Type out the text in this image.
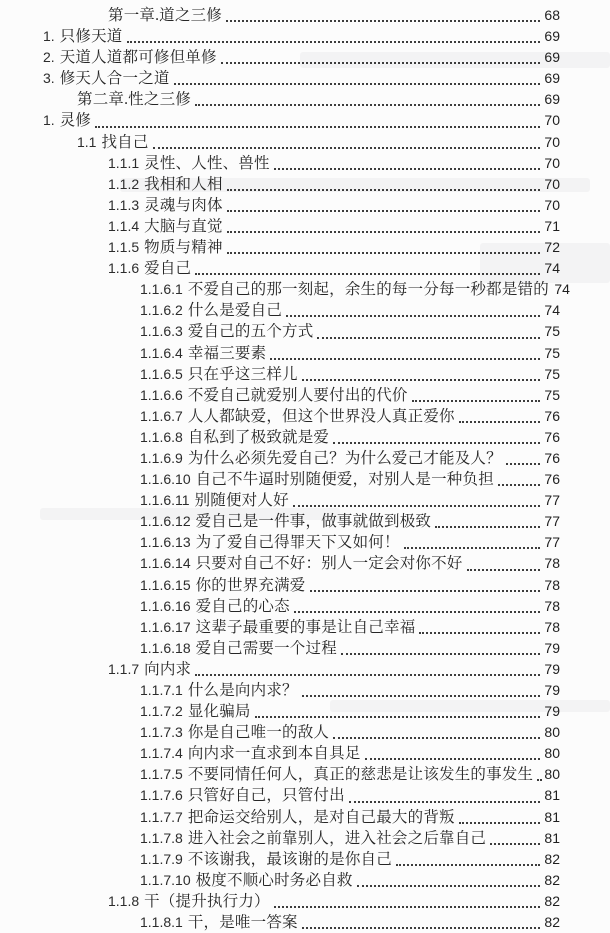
第一章.道之三修	68
1. 只修天道	69
2. 天道人道都可修但单修	69
3. 修天人合一之道	69
第二章.性之三修	69
1. 灵修	70
1.1 找自己	70
1.1.1 灵性、人性、兽性	70
1.1.2 我相和人相	70
1.1.3 灵魂与肉体	70
1.1.4 大脑与直觉	71
1.1.5 物质与精神	72
1.1.6 爱自己	74
1.1.6.1 不爱自己的那一刻起，余生的每一分每一秒都是错的 74
1.1.6.2 什么是爱自己	74
1.1.6.3 爱自己的五个方式	75
1.1.6.4 幸福三要素	75
1.1.6.5 只在乎这三样儿	75
1.1.6.6 不爱自己就爱别人要付出的代价	75
1.1.6.7 人人都缺爱，但这个世界没人真正爱你	76
1.1.6.8 自私到了极致就是爱	76
1.1.6.9 为什么必须先爱自己？为什么爱己才能及人？	76
1.1.6.10 自己不牛逼时别随便爱，对别人是一种负担	76
1.1.6.11 别随便对人好	77
1.1.6.12 爱自己是一件事，做事就做到极致	77
1.1.6.13 为了爱自己得罪天下又如何！	77
1.1.6.14 只要对自己不好：别人一定会对你不好	78
1.1.6.15 你的世界充满爱	78
1.1.6.16 爱自己的心态	78
1.1.6.17 这辈子最重要的事是让自己幸福	78
1.1.6.18 爱自己需要一个过程	79
1.1.7 向内求	79
1.1.7.1 什么是向内求？	79
1.1.7.2 显化骗局	79
1.1.7.3 你是自己唯一的敌人	80
1.1.7.4 向内求一直求到本自具足	80
1.1.7.5 不要同情任何人，真正的慈悲是让该发生的事发生 80
1.1.7.6 只管好自己，只管付出	81
1.1.7.7 把命运交给别人，是对自己最大的背叛	81
1.1.7.8 进入社会之前靠别人，进入社会之后靠自己	81
1.1.7.9 不该谢我，最该谢的是你自己	82
1.1.7.10 极度不顺心时务必自救	82
1.1.8 干（提升执行力）	82
1.1.8.1 干，是唯一答案	82
